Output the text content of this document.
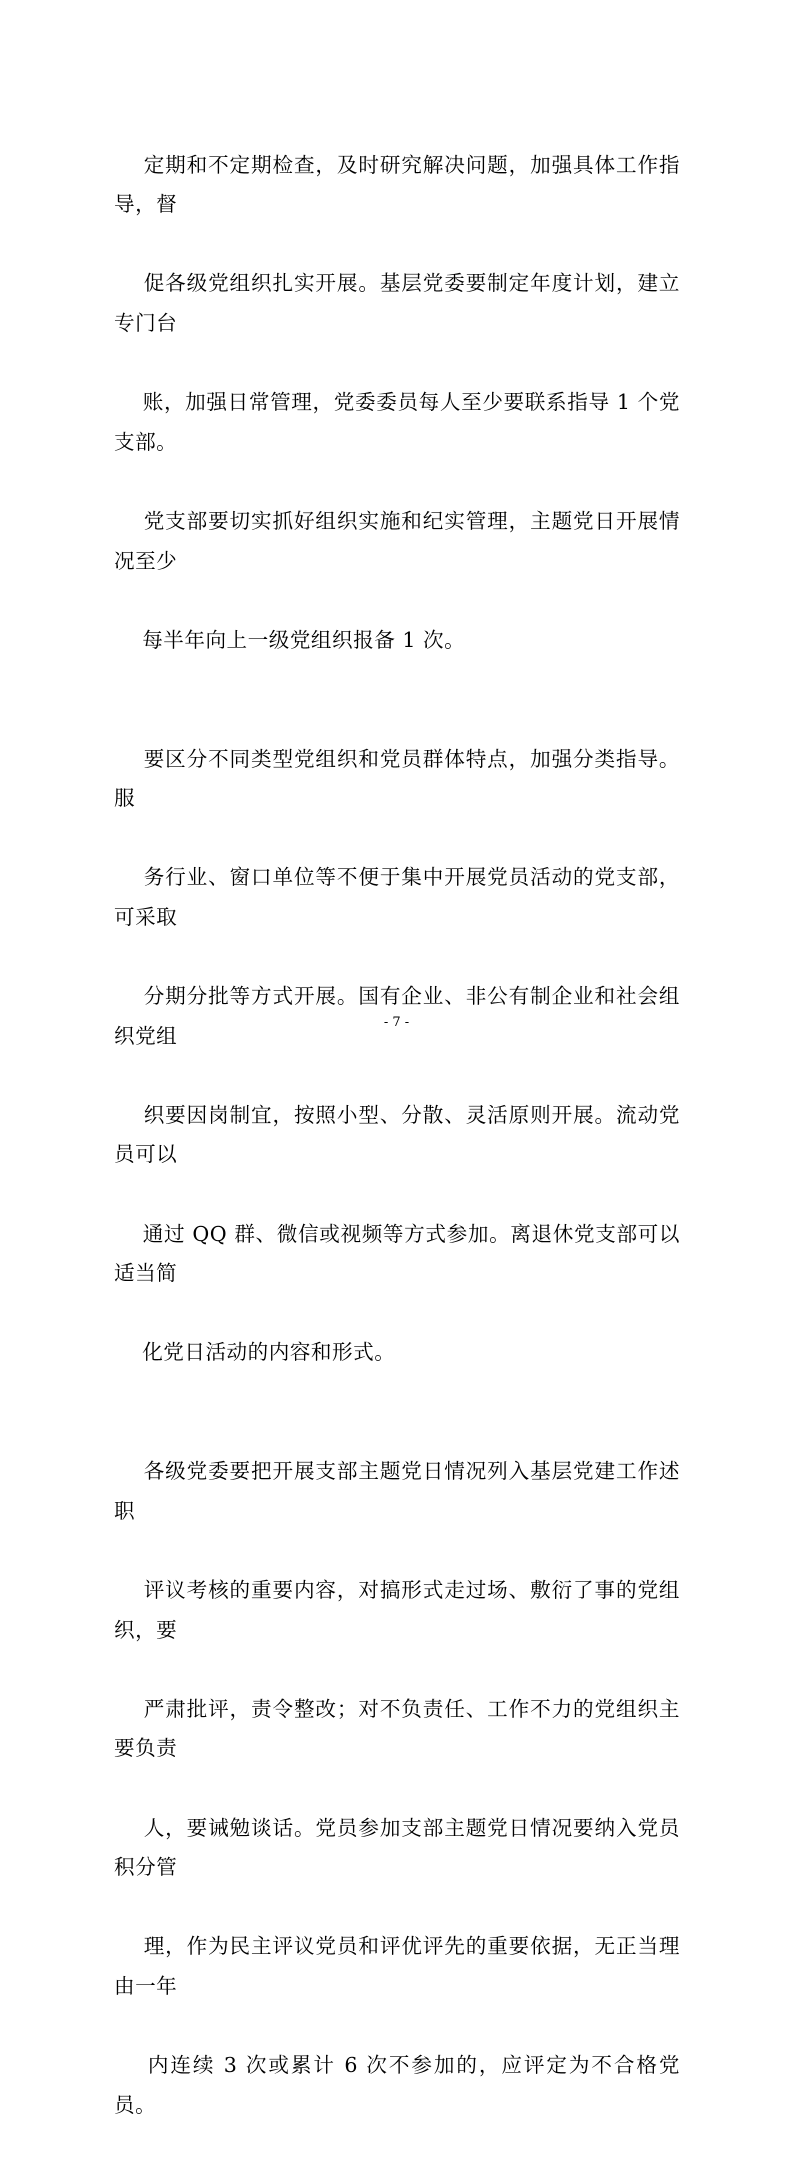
定期和不定期检查，及时研究解决问题，加强具体工作指导，督

促各级党组织扎实开展。基层党委要制定年度计划，建立专门台

账，加强日常管理，党委委员每人至少要联系指导 1 个党支部。

党支部要切实抓好组织实施和纪实管理，主题党日开展情况至少

每半年向上一级党组织报备 1 次。

要区分不同类型党组织和党员群体特点，加强分类指导。服

务行业、窗口单位等不便于集中开展党员活动的党支部，可采取

分期分批等方式开展。国有企业、非公有制企业和社会组织党组

织要因岗制宜，按照小型、分散、灵活原则开展。流动党员可以

通过 QQ 群、微信或视频等方式参加。离退休党支部可以适当简

化党日活动的内容和形式。

各级党委要把开展支部主题党日情况列入基层党建工作述职

评议考核的重要内容，对搞形式走过场、敷衍了事的党组织，要

严肃批评，责令整改；对不负责任、工作不力的党组织主要负责

人，要诫勉谈话。党员参加支部主题党日情况要纳入党员积分管

理，作为民主评议党员和评优评先的重要依据，无正当理由一年

内连续 3 次或累计 6 次不参加的，应评定为不合格党员。

- 7 -
